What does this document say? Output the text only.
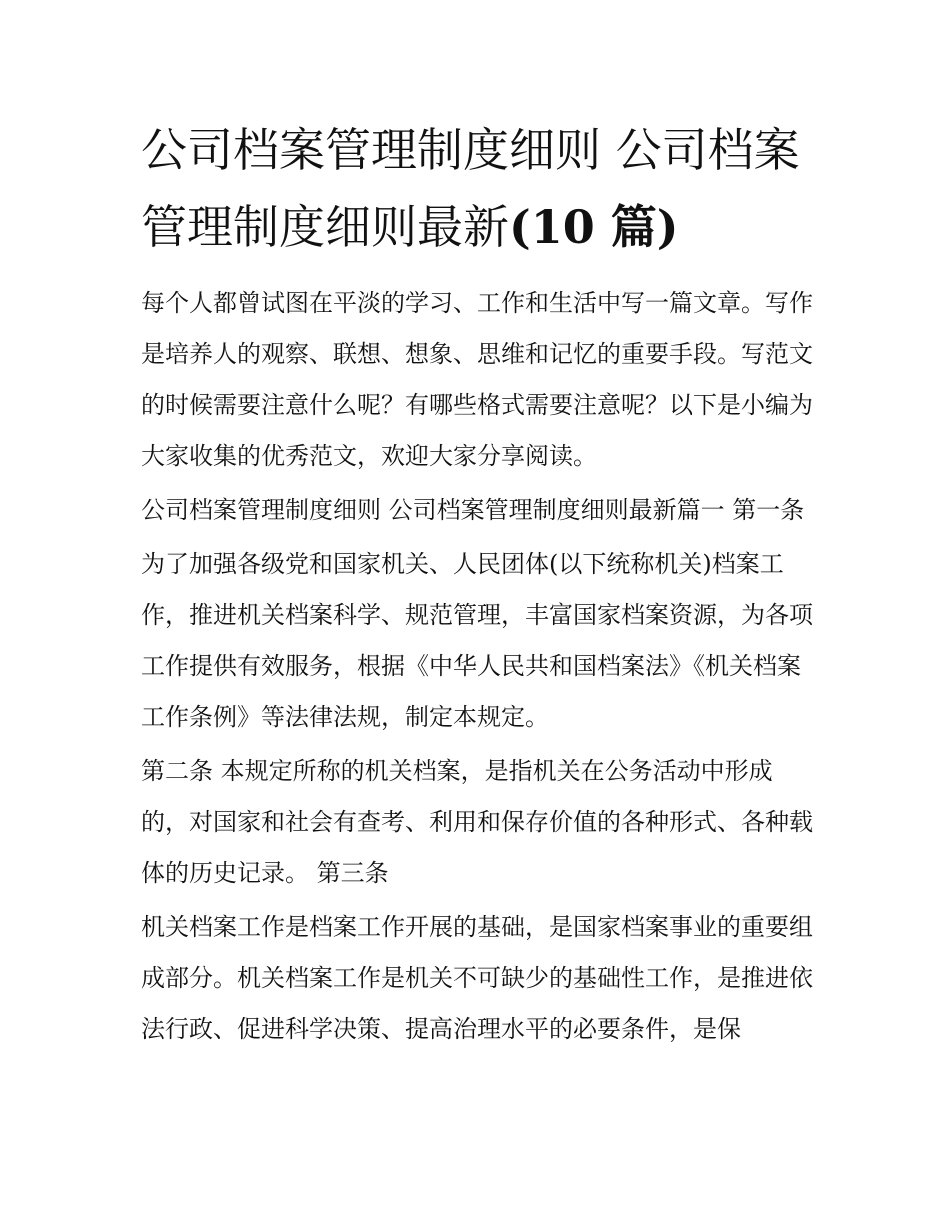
公司档案管理制度细则 公司档案管理制度细则最新(10 篇)

每个人都曾试图在平淡的学习、工作和生活中写一篇文章。写作是培养人的观察、联想、想象、思维和记忆的重要手段。写范文的时候需要注意什么呢？有哪些格式需要注意呢？以下是小编为大家收集的优秀范文，欢迎大家分享阅读。

公司档案管理制度细则 公司档案管理制度细则最新篇一 第一条

为了加强各级党和国家机关、人民团体(以下统称机关)档案工作，推进机关档案科学、规范管理，丰富国家档案资源，为各项工作提供有效服务，根据《中华人民共和国档案法》《机关档案工作条例》等法律法规，制定本规定。

第二条 本规定所称的机关档案，是指机关在公务活动中形成的，对国家和社会有查考、利用和保存价值的各种形式、各种载体的历史记录。 第三条

机关档案工作是档案工作开展的基础，是国家档案事业的重要组成部分。机关档案工作是机关不可缺少的基础性工作，是推进依法行政、促进科学决策、提高治理水平的必要条件，是保
